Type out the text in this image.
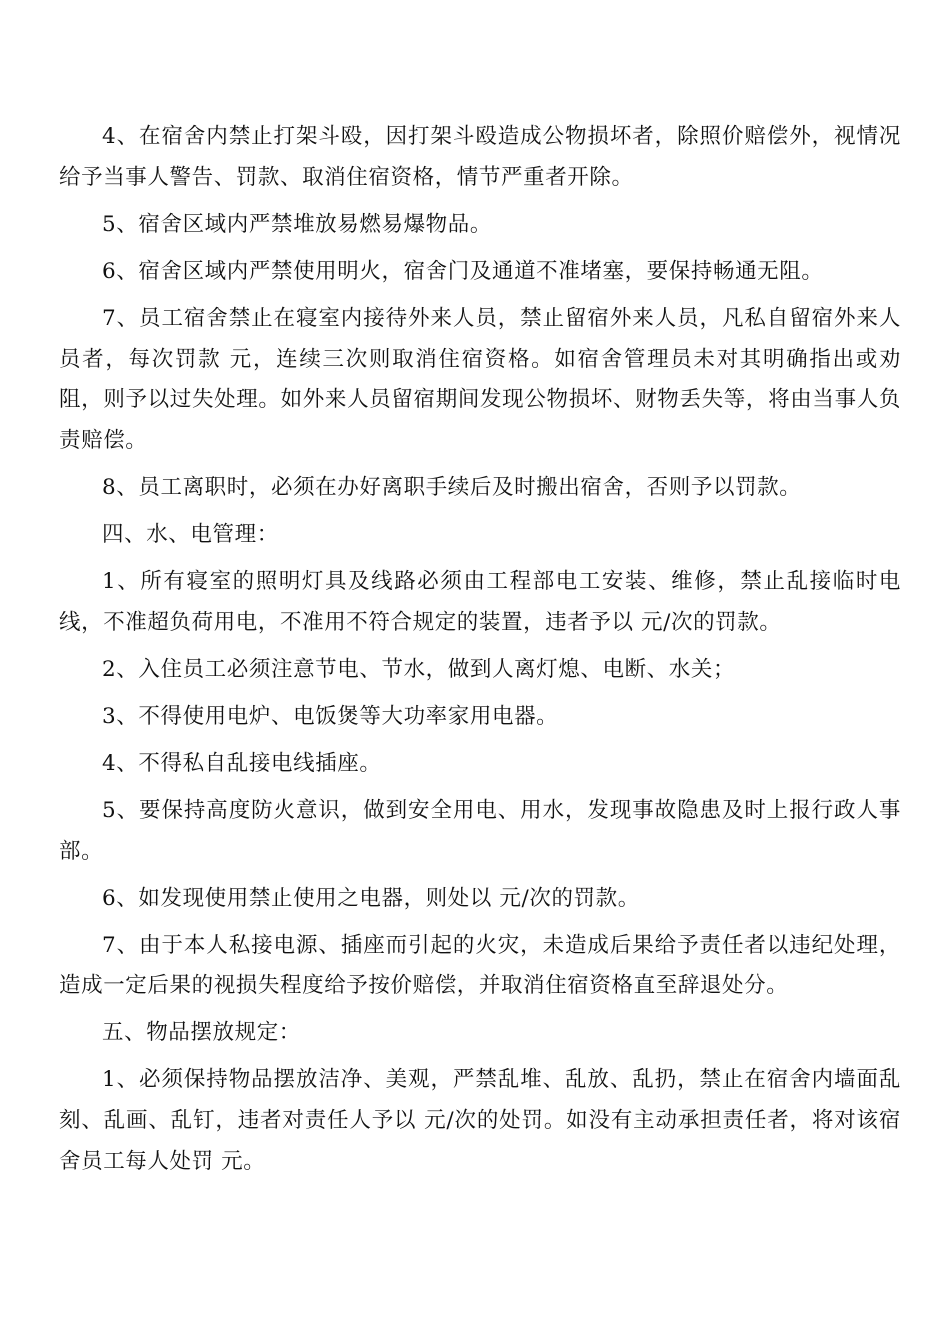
4、在宿舍内禁止打架斗殴，因打架斗殴造成公物损坏者，除照价赔偿外，视情况给予当事人警告、罚款、取消住宿资格，情节严重者开除。

5、宿舍区域内严禁堆放易燃易爆物品。

6、宿舍区域内严禁使用明火，宿舍门及通道不准堵塞，要保持畅通无阻。

7、员工宿舍禁止在寝室内接待外来人员，禁止留宿外来人员，凡私自留宿外来人员者，每次罚款 元，连续三次则取消住宿资格。如宿舍管理员未对其明确指出或劝阻，则予以过失处理。如外来人员留宿期间发现公物损坏、财物丢失等，将由当事人负责赔偿。

8、员工离职时，必须在办好离职手续后及时搬出宿舍，否则予以罚款。

四、水、电管理：

1、所有寝室的照明灯具及线路必须由工程部电工安装、维修，禁止乱接临时电线，不准超负荷用电，不准用不符合规定的装置，违者予以 元/次的罚款。

2、入住员工必须注意节电、节水，做到人离灯熄、电断、水关；

3、不得使用电炉、电饭煲等大功率家用电器。

4、不得私自乱接电线插座。

5、要保持高度防火意识，做到安全用电、用水，发现事故隐患及时上报行政人事部。

6、如发现使用禁止使用之电器，则处以 元/次的罚款。

7、由于本人私接电源、插座而引起的火灾，未造成后果给予责任者以违纪处理，造成一定后果的视损失程度给予按价赔偿，并取消住宿资格直至辞退处分。

五、物品摆放规定：

1、必须保持物品摆放洁净、美观，严禁乱堆、乱放、乱扔，禁止在宿舍内墙面乱刻、乱画、乱钉，违者对责任人予以 元/次的处罚。如没有主动承担责任者，将对该宿舍员工每人处罚 元。
